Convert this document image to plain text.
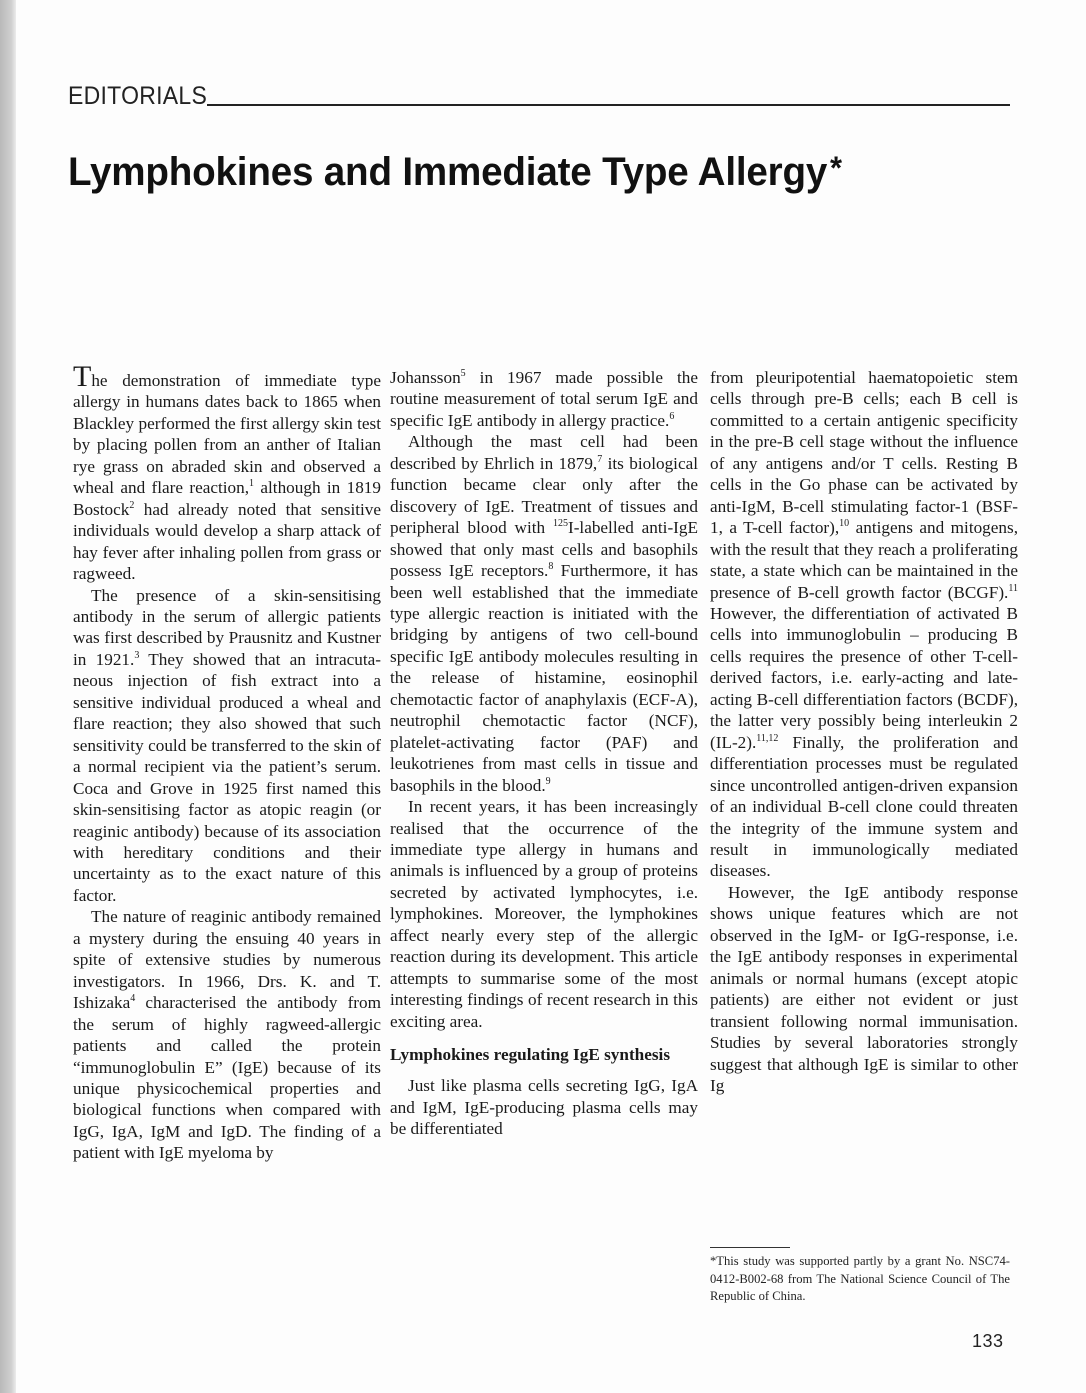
EDITORIALS
Lymphokines and Immediate Type Allergy*

The demonstration of immediate type allergy in humans dates back to 1865 when Blackley performed the first allergy skin test by placing pollen from an anther of Italian rye grass on abraded skin and observed a wheal and flare reaction,$^1$ although in 1819 Bostock$^2$ had already noted that sensitive individuals would develop a sharp attack of hay fever after inhaling pollen from grass or ragweed.

The presence of a skin-sensitising antibody in the serum of allergic patients was first described by Prausnitz and Kustner in 1921.$^3$ They showed that an intracutaneous injection of fish extract into a sensitive individual produced a wheal and flare reaction; they also showed that such sensitivity could be transferred to the skin of a normal recipient via the patient’s serum. Coca and Grove in 1925 first named this skin-sensitising factor as atopic reagin (or reaginic antibody) because of its association with hereditary conditions and their uncertainty as to the exact nature of this factor.

The nature of reaginic antibody remained a mystery during the ensuing 40 years in spite of extensive studies by numerous investigators. In 1966, Drs. K. and T. Ishizaka$^4$ characterised the antibody from the serum of highly ragweed-allergic patients and called the protein “immunoglobulin E” (IgE) because of its unique physicochemical properties and biological functions when compared with IgG, IgA, IgM and IgD. The finding of a patient with IgE myeloma by

Johansson$^5$ in 1967 made possible the routine measurement of total serum IgE and specific IgE antibody in allergy practice.$^6$

Although the mast cell had been described by Ehrlich in 1879,$^7$ its biological function became clear only after the discovery of IgE. Treatment of tissues and peripheral blood with $^{125}$I-labelled anti-IgE showed that only mast cells and basophils possess IgE receptors.$^8$ Furthermore, it has been well established that the immediate type allergic reaction is initiated with the bridging by antigens of two cell-bound specific IgE antibody molecules resulting in the release of histamine, eosinophil chemotactic factor of anaphylaxis (ECF-A), neutrophil chemotactic factor (NCF), platelet-activating factor (PAF) and leukotrienes from mast cells in tissue and basophils in the blood.$^9$

In recent years, it has been increasingly realised that the occurrence of the immediate type allergy in humans and animals is influenced by a group of proteins secreted by activated lymphocytes, i.e. lymphokines. Moreover, the lymphokines affect nearly every step of the allergic reaction during its development. This article attempts to summarise some of the most interesting findings of recent research in this exciting area.

Lymphokines regulating IgE synthesis

Just like plasma cells secreting IgG, IgA and IgM, IgE-producing plasma cells may be differentiated

from pleuripotential haematopoietic stem cells through pre-B cells; each B cell is committed to a certain antigenic specificity in the pre-B cell stage without the influence of any antigens and/or T cells. Resting B cells in the Go phase can be activated by anti-IgM, B-cell stimulating factor-1 (BSF-1, a T-cell factor),$^{10}$ antigens and mitogens, with the result that they reach a proliferating state, a state which can be maintained in the presence of B-cell growth factor (BCGF).$^{11}$ However, the differentiation of activated B cells into immunoglobulin – producing B cells requires the presence of other T-cell-derived factors, i.e. early-acting and late-acting B-cell differentiation factors (BCDF), the latter very possibly being interleukin 2 (IL-2).$^{11,12}$ Finally, the proliferation and differentiation processes must be regulated since uncontrolled antigen-driven expansion of an individual B-cell clone could threaten the integrity of the immune system and result in immunologically mediated diseases.

However, the IgE antibody response shows unique features which are not observed in the IgM- or IgG-response, i.e. the IgE antibody responses in experimental animals or normal humans (except atopic patients) are either not evident or just transient following normal immunisation. Studies by several laboratories strongly suggest that although IgE is similar to other Ig

*This study was supported partly by a grant No. NSC74-0412-B002-68 from The National Science Council of The Republic of China.
133
